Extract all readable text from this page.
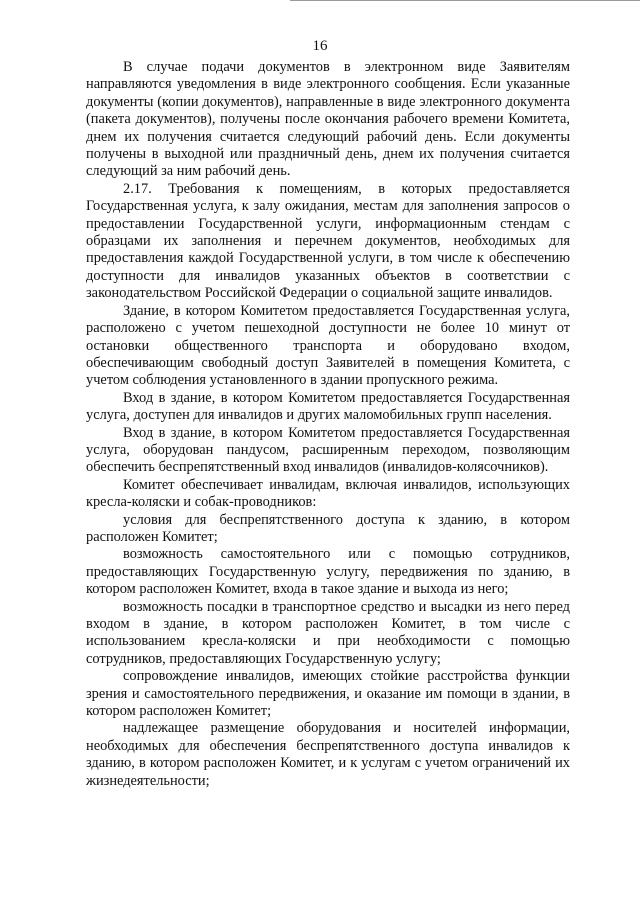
16

В случае подачи документов в электронном виде Заявителям направляются уведомления в виде электронного сообщения. Если указанные документы (копии документов), направленные в виде электронного документа (пакета документов), получены после окончания рабочего времени Комитета, днем их получения считается следующий рабочий день. Если документы получены в выходной или праздничный день, днем их получения считается следующий за ним рабочий день.

2.17. Требования к помещениям, в которых предоставляется Государственная услуга, к залу ожидания, местам для заполнения запросов о предоставлении Государственной услуги, информационным стендам с образцами их заполнения и перечнем документов, необходимых для предоставления каждой Государственной услуги, в том числе к обеспечению доступности для инвалидов указанных объектов в соответствии с законодательством Российской Федерации о социальной защите инвалидов.

Здание, в котором Комитетом предоставляется Государственная услуга, расположено с учетом пешеходной доступности не более 10 минут от остановки общественного транспорта и оборудовано входом, обеспечивающим свободный доступ Заявителей в помещения Комитета, с учетом соблюдения установленного в здании пропускного режима.

Вход в здание, в котором Комитетом предоставляется Государственная услуга, доступен для инвалидов и других маломобильных групп населения.

Вход в здание, в котором Комитетом предоставляется Государственная услуга, оборудован пандусом, расширенным переходом, позволяющим обеспечить беспрепятственный вход инвалидов (инвалидов-колясочников).

Комитет обеспечивает инвалидам, включая инвалидов, использующих кресла-коляски и собак-проводников:

условия для беспрепятственного доступа к зданию, в котором расположен Комитет;

возможность самостоятельного или с помощью сотрудников, предоставляющих Государственную услугу, передвижения по зданию, в котором расположен Комитет, входа в такое здание и выхода из него;

возможность посадки в транспортное средство и высадки из него перед входом в здание, в котором расположен Комитет, в том числе с использованием кресла-коляски и при необходимости с помощью сотрудников, предоставляющих Государственную услугу;

сопровождение инвалидов, имеющих стойкие расстройства функции зрения и самостоятельного передвижения, и оказание им помощи в здании, в котором расположен Комитет;

надлежащее размещение оборудования и носителей информации, необходимых для обеспечения беспрепятственного доступа инвалидов к зданию, в котором расположен Комитет, и к услугам с учетом ограничений их жизнедеятельности;
